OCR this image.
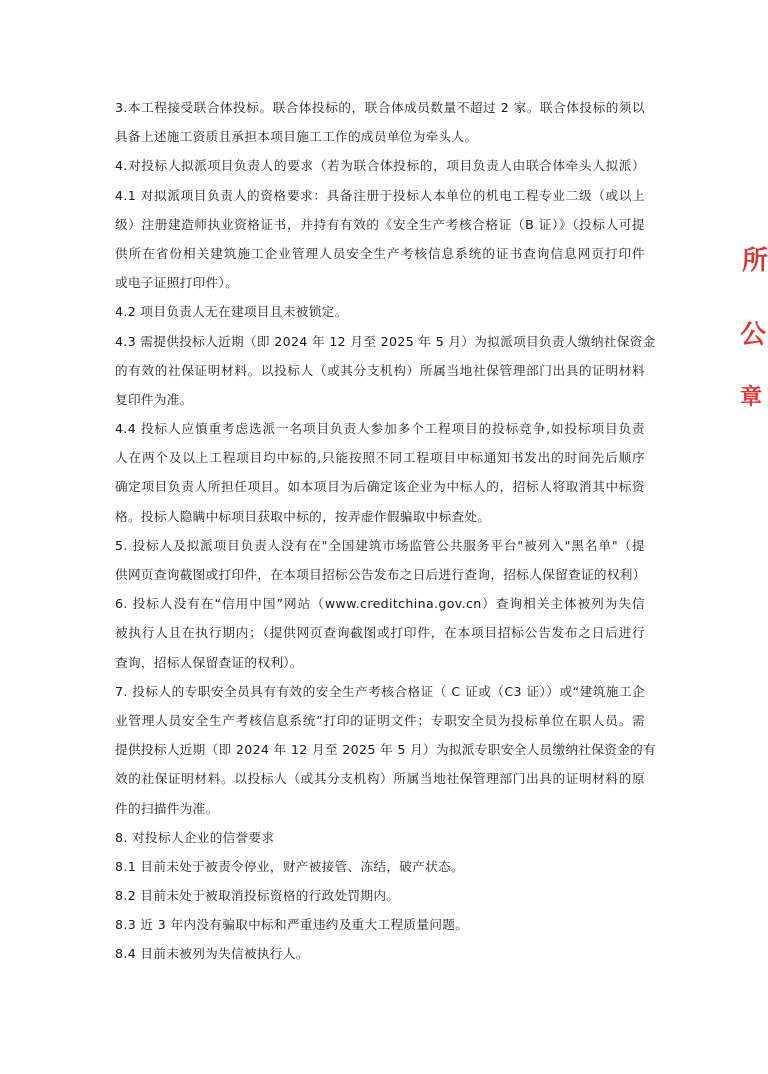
3.本工程接受联合体投标。联合体投标的，联合体成员数量不超过 2 家。联合体投标的须以
具备上述施工资质且承担本项目施工工作的成员单位为牵头人。
4.对投标人拟派项目负责人的要求（若为联合体投标的，项目负责人由联合体牵头人拟派）
4.1 对拟派项目负责人的资格要求：具备注册于投标人本单位的机电工程专业二级（或以上
级）注册建造师执业资格证书，并持有有效的《安全生产考核合格证（B 证）》（投标人可提
供所在省份相关建筑施工企业管理人员安全生产考核信息系统的证书查询信息网页打印件
或电子证照打印件）。
4.2 项目负责人无在建项目且未被锁定。
4.3 需提供投标人近期（即 2024 年 12 月至 2025 年 5 月）为拟派项目负责人缴纳社保资金
的有效的社保证明材料。以投标人（或其分支机构）所属当地社保管理部门出具的证明材料
复印件为准。
4.4 投标人应慎重考虑选派一名项目负责人参加多个工程项目的投标竞争,如投标项目负责
人在两个及以上工程项目均中标的,只能按照不同工程项目中标通知书发出的时间先后顺序
确定项目负责人所担任项目。如本项目为后确定该企业为中标人的，招标人将取消其中标资
格。投标人隐瞒中标项目获取中标的，按弄虚作假骗取中标查处。
5. 投标人及拟派项目负责人没有在"全国建筑市场监管公共服务平台"被列入"黑名单"（提
供网页查询截图或打印件，在本项目招标公告发布之日后进行查询，招标人保留查证的权利）
6. 投标人没有在“信用中国”网站（www.creditchina.gov.cn）查询相关主体被列为失信
被执行人且在执行期内；（提供网页查询截图或打印件，在本项目招标公告发布之日后进行
查询，招标人保留查证的权利）。
7. 投标人的专职安全员具有有效的安全生产考核合格证（ C 证或（C3 证））或“建筑施工企
业管理人员安全生产考核信息系统”打印的证明文件；专职安全员为投标单位在职人员。需
提供投标人近期（即 2024 年 12 月至 2025 年 5 月）为拟派专职安全人员缴纳社保资金的有
效的社保证明材料。以投标人（或其分支机构）所属当地社保管理部门出具的证明材料的原
件的扫描件为准。
8. 对投标人企业的信誉要求
8.1 目前未处于被责令停业，财产被接管、冻结，破产状态。
8.2 目前未处于被取消投标资格的行政处罚期内。
8.3 近 3 年内没有骗取中标和严重违约及重大工程质量问题。
8.4 目前未被列为失信被执行人。
所
公
章
